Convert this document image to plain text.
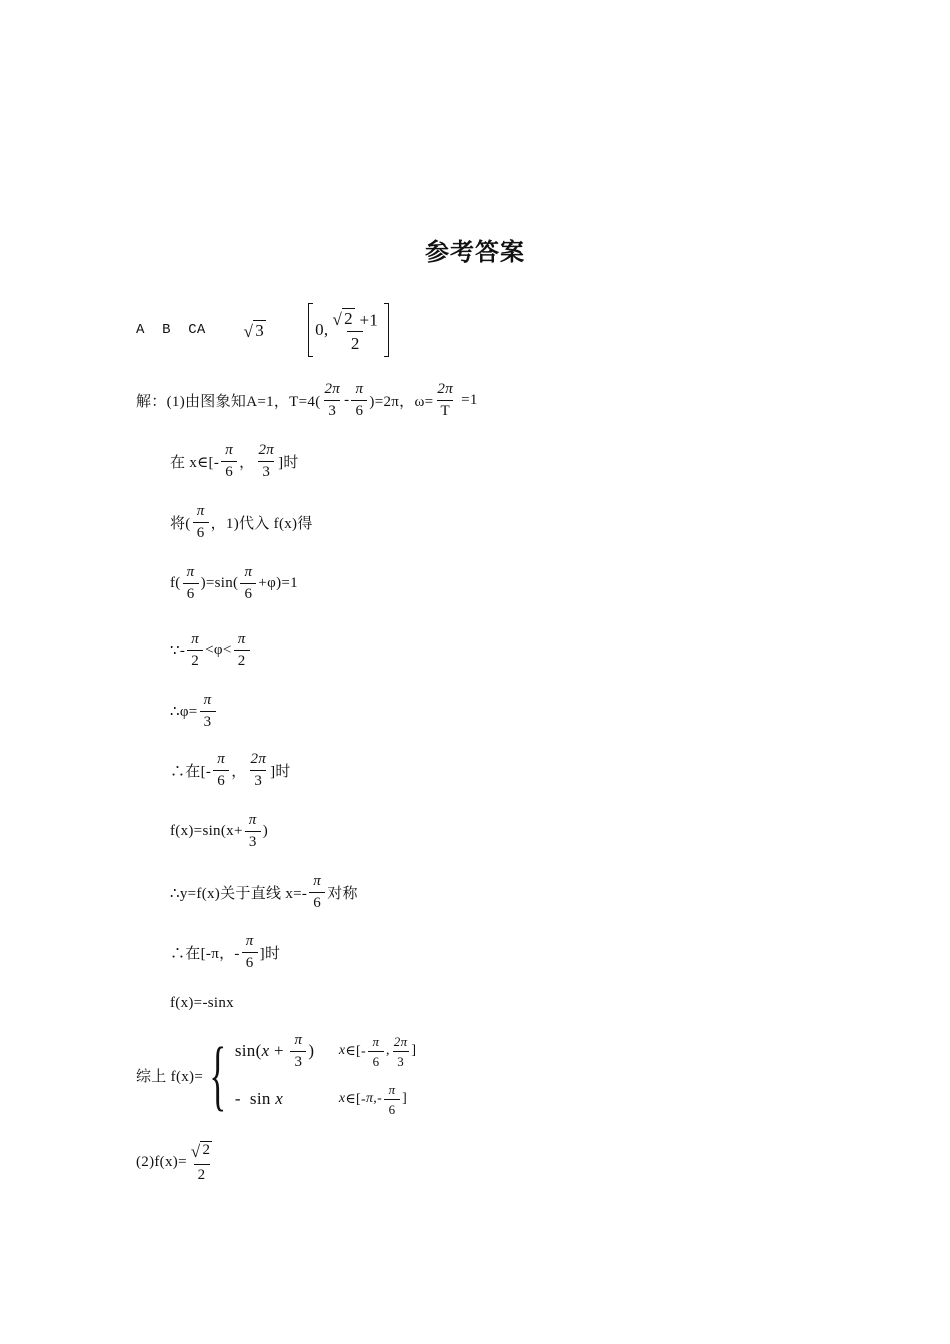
参考答案
A  B  CA √ 3	0, $\frac{√ 2 +1}{2}$
解：(1)由图象知A=1，$T=4( \frac{2\pi}{3} - \frac{\pi}{6} )=2\pi$，$\omega= \frac{2\pi}{T} =1$
在 x∈[- $\frac{\pi}{6}$ ， $\frac{2\pi}{3}$ ]时
将( $\frac{\pi}{6}$ ，1)代入 f(x)得
$f( \frac{\pi}{6} )=\sin( \frac{\pi}{6} +\varphi)=1$
∵- $\frac{\pi}{2} <\varphi< \frac{\pi}{2}$
∴φ= $\frac{\pi}{3}$
∴在[- $\frac{\pi}{6}$ ， $\frac{2\pi}{3}$ ]时
$f(x)=\sin(x+ \frac{\pi}{3}$ )
∴y=f(x)关于直线 $x=- \frac{\pi}{6}$ 对称
∴在[-π，- $\frac{\pi}{6}$ ]时
f(x)=-sinx
综上 f(x)= { sin( $x + \frac{\pi}{3}$ ) x ∈[- $\frac{\pi}{6}$ , $\frac{2\pi}{3}$ ]
-  sin x	x ∈[- π ,- $\frac{\pi}{6}$ ]
$(2)f(x)= \frac{√ 2}{2}$
